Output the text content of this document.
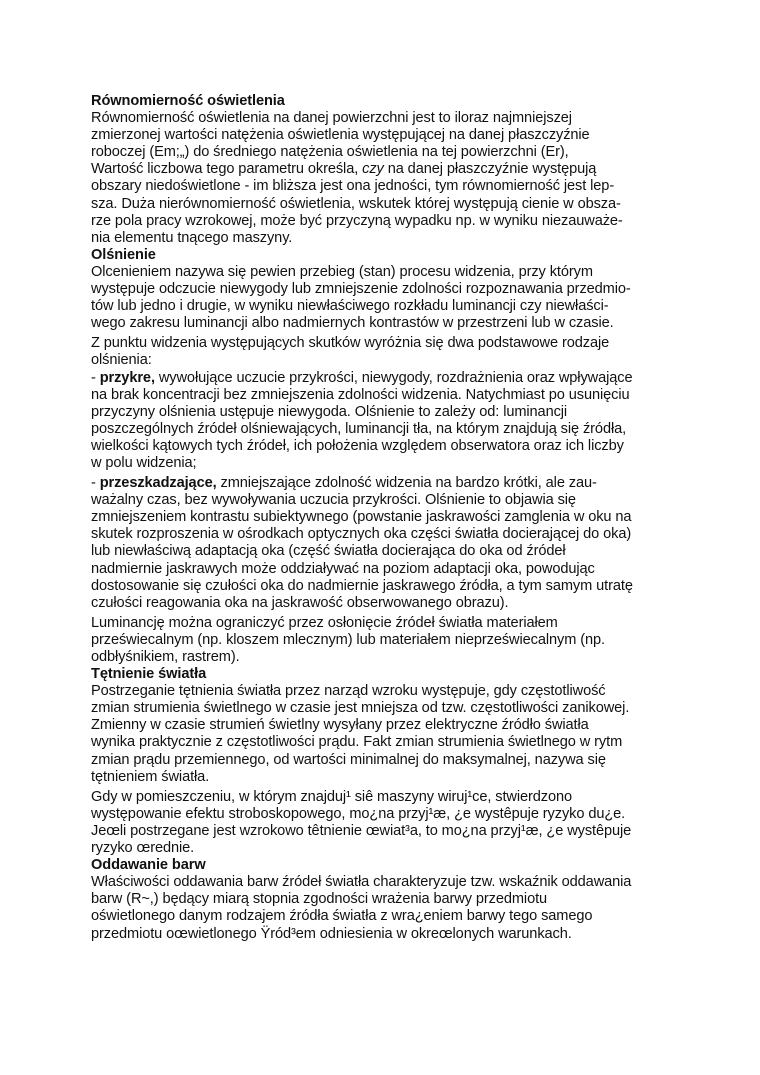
Równomierność oświetlenia

Równomierność oświetlenia na danej powierzchni jest to iloraz najmniejszej
zmierzonej wartości natężenia oświetlenia występującej na danej płaszczyźnie
roboczej (Em;„) do średniego natężenia oświetlenia na tej powierzchni (Er),
Wartość liczbowa tego parametru określa, czy na danej płaszczyźnie występują
obszary niedoświetlone - im bliższa jest ona jedności, tym równomierność jest lep-
sza. Duża nierównomierność oświetlenia, wskutek której występują cienie w obsza-
rze pola pracy wzrokowej, może być przyczyną wypadku np. w wyniku niezauważe-
nia elementu tnącego maszyny.

Olśnienie

Olcenieniem nazywa się pewien przebieg (stan) procesu widzenia, przy którym
występuje odczucie niewygody lub zmniejszenie zdolności rozpoznawania przedmio-
tów lub jedno i drugie, w wyniku niewłaściwego rozkładu luminancji czy niewłaści-
wego zakresu luminancji albo nadmiernych kontrastów w przestrzeni lub w czasie.

Z punktu widzenia występujących skutków wyróżnia się dwa podstawowe rodzaje
olśnienia:

- przykre, wywołujące uczucie przykrości, niewygody, rozdrażnienia oraz wpływające
na brak koncentracji bez zmniejszenia zdolności widzenia. Natychmiast po usunięciu
przyczyny olśnienia ustępuje niewygoda. Olśnienie to zależy od: luminancji
poszczególnych źródeł olśniewających, luminancji tła, na którym znajdują się źródła,
wielkości kątowych tych źródeł, ich położenia względem obserwatora oraz ich liczby
w polu widzenia;

- przeszkadzające, zmniejszające zdolność widzenia na bardzo krótki, ale zau-
ważalny czas, bez wywoływania uczucia przykrości. Olśnienie to objawia się
zmniejszeniem kontrastu subiektywnego (powstanie jaskrawości zamglenia w oku na
skutek rozproszenia w ośrodkach optycznych oka części światła docierającej do oka)
lub niewłaściwą adaptacją oka (część światła docierająca do oka od źródeł
nadmiernie jaskrawych może oddziaływać na poziom adaptacji oka, powodując
dostosowanie się czułości oka do nadmiernie jaskrawego źródła, a tym samym utratę
czułości reagowania oka na jaskrawość obserwowanego obrazu).

Luminancję można ograniczyć przez osłonięcie źródeł światła materiałem
przeświecalnym (np. kloszem mlecznym) lub materiałem nieprzeświecalnym (np.
odbłyśnikiem, rastrem).

Tętnienie światła

Postrzeganie tętnienia światła przez narząd wzroku występuje, gdy częstotliwość
zmian strumienia świetlnego w czasie jest mniejsza od tzw. częstotliwości zanikowej.
Zmienny w czasie strumień świetlny wysyłany przez elektryczne źródło światła
wynika praktycznie z częstotliwości prądu. Fakt zmian strumienia świetlnego w rytm
zmian prądu przemiennego, od wartości minimalnej do maksymalnej, nazywa się
tętnieniem światła.

Gdy w pomieszczeniu, w którym znajduj¹ siê maszyny wiruj¹ce, stwierdzono
występowanie efektu stroboskopowego, mo¿na przyj¹æ, ¿e wystêpuje ryzyko du¿e.
Jeœli postrzegane jest wzrokowo têtnienie œwiat³a, to mo¿na przyj¹æ, ¿e wystêpuje
ryzyko œrednie.

Oddawanie barw

Właściwości oddawania barw źródeł światła charakteryzuje tzw. wskaźnik oddawania
barw (R~,) będący miarą stopnia zgodności wrażenia barwy przedmiotu
oświetlonego danym rodzajem źródła światła z wra¿eniem barwy tego samego
przedmiotu oœwietlonego Ÿród³em odniesienia w okreœlonych warunkach.
